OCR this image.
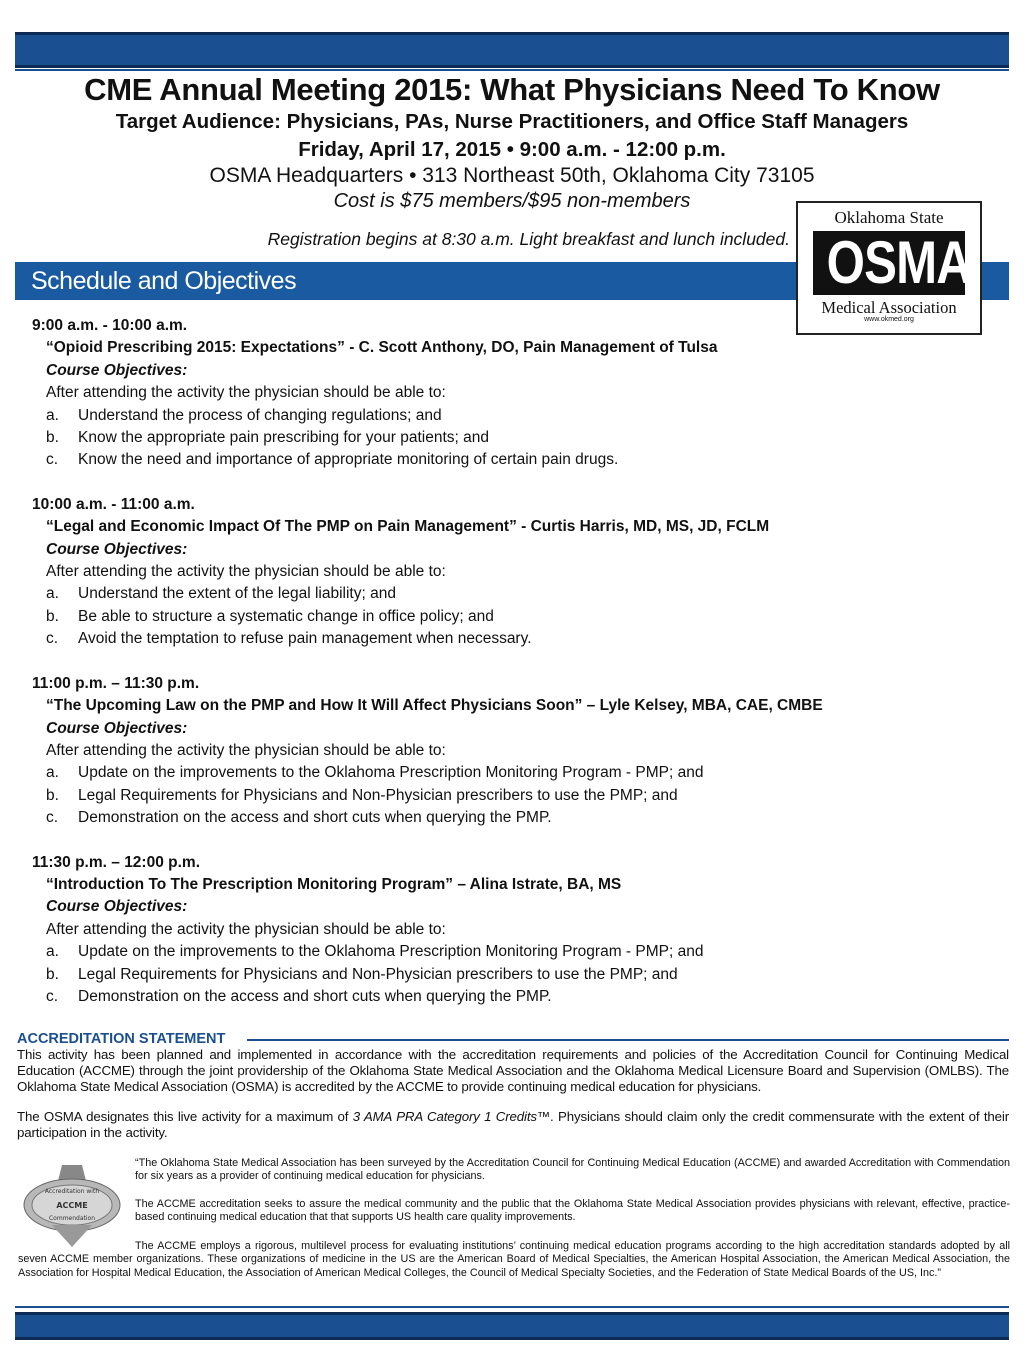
CME Annual Meeting 2015: What Physicians Need To Know
Target Audience: Physicians, PAs, Nurse Practitioners, and Office Staff Managers
Friday, April 17, 2015 • 9:00 a.m. - 12:00 p.m.
OSMA Headquarters • 313 Northeast 50th, Oklahoma City 73105
Cost is $75 members/$95 non-members
Registration begins at 8:30 a.m. Light breakfast and lunch included.
Schedule and Objectives
Oklahoma State
OSMA
Medical Association
www.okmed.org
9:00 a.m. - 10:00 a.m.
“Opioid Prescribing 2015: Expectations” - C. Scott Anthony, DO, Pain Management of Tulsa
Course Objectives:
After attending the activity the physician should be able to:
a.	Understand the process of changing regulations; and
b.	Know the appropriate pain prescribing for your patients; and
c.	Know the need and importance of appropriate monitoring of certain pain drugs.
10:00 a.m. - 11:00 a.m.
“Legal and Economic Impact Of The PMP on Pain Management” - Curtis Harris, MD, MS, JD, FCLM
Course Objectives:
After attending the activity the physician should be able to:
a.	Understand the extent of the legal liability; and
b.	Be able to structure a systematic change in office policy; and
c.	Avoid the temptation to refuse pain management when necessary.
11:00 p.m. – 11:30 p.m.
“The Upcoming Law on the PMP and How It Will Affect Physicians Soon” – Lyle Kelsey, MBA, CAE, CMBE
Course Objectives:
After attending the activity the physician should be able to:
a.	Update on the improvements to the Oklahoma Prescription Monitoring Program - PMP; and
b.	Legal Requirements for Physicians and Non-Physician prescribers to use the PMP; and
c.	Demonstration on the access and short cuts when querying the PMP.
11:30 p.m. – 12:00 p.m.
“Introduction To The Prescription Monitoring Program” – Alina Istrate, BA, MS
Course Objectives:
After attending the activity the physician should be able to:
a.	Update on the improvements to the Oklahoma Prescription Monitoring Program - PMP; and
b.	Legal Requirements for Physicians and Non-Physician prescribers to use the PMP; and
c.	Demonstration on the access and short cuts when querying the PMP.
ACCREDITATION STATEMENT
This activity has been planned and implemented in accordance with the accreditation requirements and policies of the Accreditation Council for Continuing Medical Education (ACCME) through the joint providership of the Oklahoma State Medical Association and the Oklahoma Medical Licensure Board and Supervision (OMLBS). The Oklahoma State Medical Association (OSMA) is accredited by the ACCME to provide continuing medical education for physicians.
The OSMA designates this live activity for a maximum of 3 AMA PRA Category 1 Credits™. Physicians should claim only the credit commensurate with the extent of their participation in the activity.
Accreditation with
ACCME
Commendation
“The Oklahoma State Medical Association has been surveyed by the Accreditation Council for Continuing Medical Education (ACCME) and awarded Accreditation with Commendation for six years as a provider of continuing medical education for physicians.
The ACCME accreditation seeks to assure the medical community and the public that the Oklahoma State Medical Association provides physicians with relevant, effective, practice-based continuing medical education that that supports US health care quality improvements.
The ACCME employs a rigorous, multilevel process for evaluating institutions’ continuing medical education programs according to the high accreditation standards adopted by all seven ACCME member organizations. These organizations of medicine in the US are the American Board of Medical Specialties, the American Hospital Association, the American Medical Association, the Association for Hospital Medical Education, the Association of American Medical Colleges, the Council of Medical Specialty Societies, and the Federation of State Medical Boards of the US, Inc.”
